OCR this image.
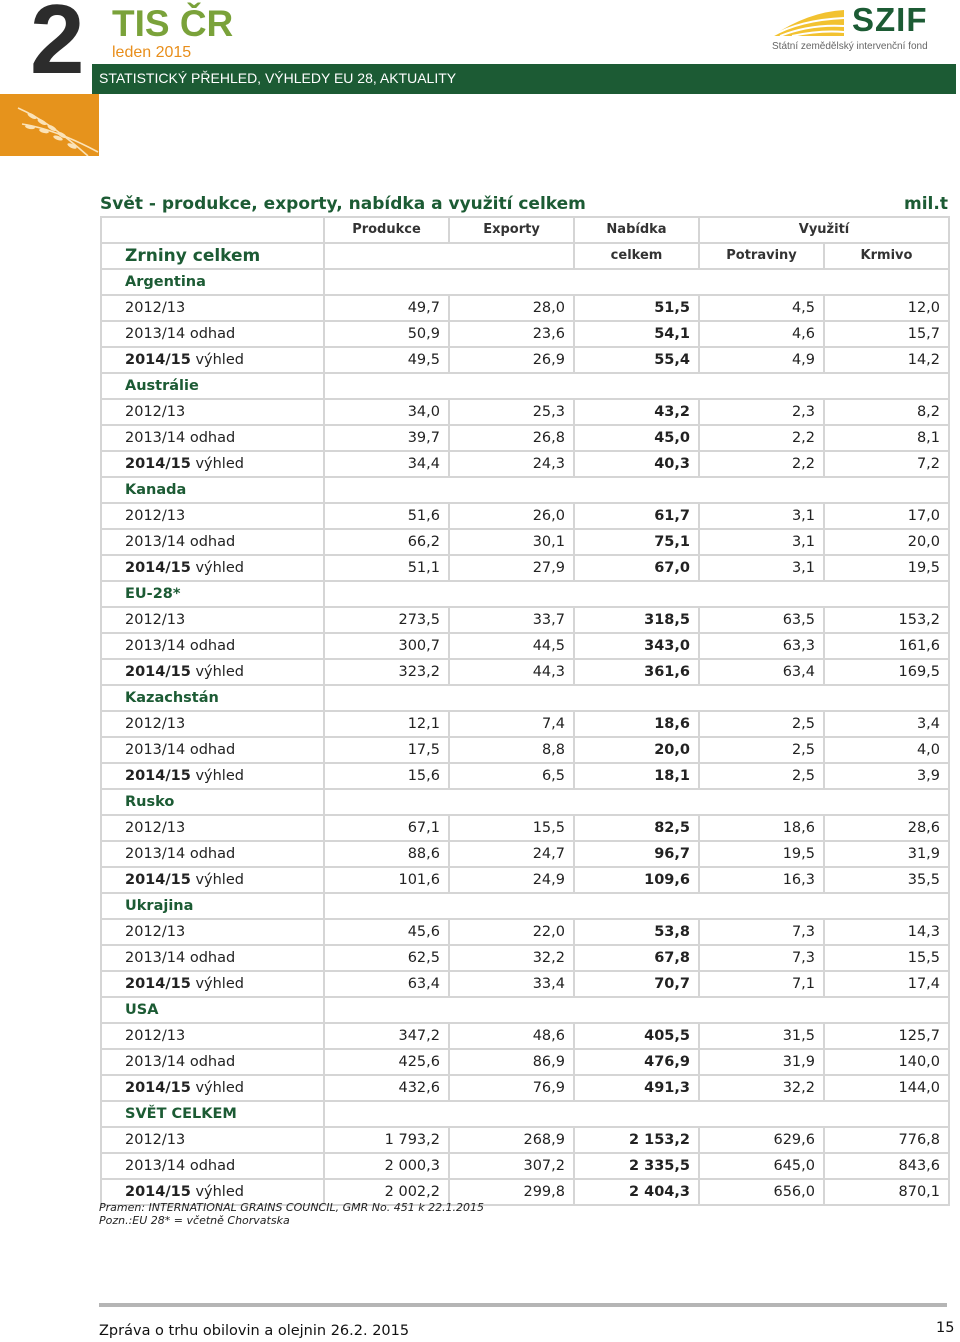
2 TIS ČR
leden 2015
STATISTICKÝ PŘEHLED, VÝHLEDY EU 28, AKTUALITY
SZIF
Státní zemědělský intervenční fond
Svět - produkce, exporty, nabídka a využití celkem	mil.t
	Produkce	Exporty	Nabídka	Využití	
Zrniny celkem			celkem	Potraviny	Krmivo
Argentina					
2012/13	49,7	28,0	51,5	4,5	12,0
2013/14 odhad	50,9	23,6	54,1	4,6	15,7
2014/15 výhled	49,5	26,9	55,4	4,9	14,2
Austrálie					
2012/13	34,0	25,3	43,2	2,3	8,2
2013/14 odhad	39,7	26,8	45,0	2,2	8,1
2014/15 výhled	34,4	24,3	40,3	2,2	7,2
Kanada					
2012/13	51,6	26,0	61,7	3,1	17,0
2013/14 odhad	66,2	30,1	75,1	3,1	20,0
2014/15 výhled	51,1	27,9	67,0	3,1	19,5
EU-28*					
2012/13	273,5	33,7	318,5	63,5	153,2
2013/14 odhad	300,7	44,5	343,0	63,3	161,6
2014/15 výhled	323,2	44,3	361,6	63,4	169,5
Kazachstán					
2012/13	12,1	7,4	18,6	2,5	3,4
2013/14 odhad	17,5	8,8	20,0	2,5	4,0
2014/15 výhled	15,6	6,5	18,1	2,5	3,9
Rusko					
2012/13	67,1	15,5	82,5	18,6	28,6
2013/14 odhad	88,6	24,7	96,7	19,5	31,9
2014/15 výhled	101,6	24,9	109,6	16,3	35,5
Ukrajina					
2012/13	45,6	22,0	53,8	7,3	14,3
2013/14 odhad	62,5	32,2	67,8	7,3	15,5
2014/15 výhled	63,4	33,4	70,7	7,1	17,4
USA					
2012/13	347,2	48,6	405,5	31,5	125,7
2013/14 odhad	425,6	86,9	476,9	31,9	140,0
2014/15 výhled	432,6	76,9	491,3	32,2	144,0
SVĚT CELKEM					
2012/13	1 793,2	268,9	2 153,2	629,6	776,8
2013/14 odhad	2 000,3	307,2	2 335,5	645,0	843,6
2014/15 výhled	2 002,2	299,8	2 404,3	656,0	870,1
Pramen: INTERNATIONAL GRAINS COUNCIL, GMR No. 451 k 22.1.2015
Pozn.:EU 28* = včetně Chorvatska
Zpráva o trhu obilovin a olejnin 26.2. 2015	15
